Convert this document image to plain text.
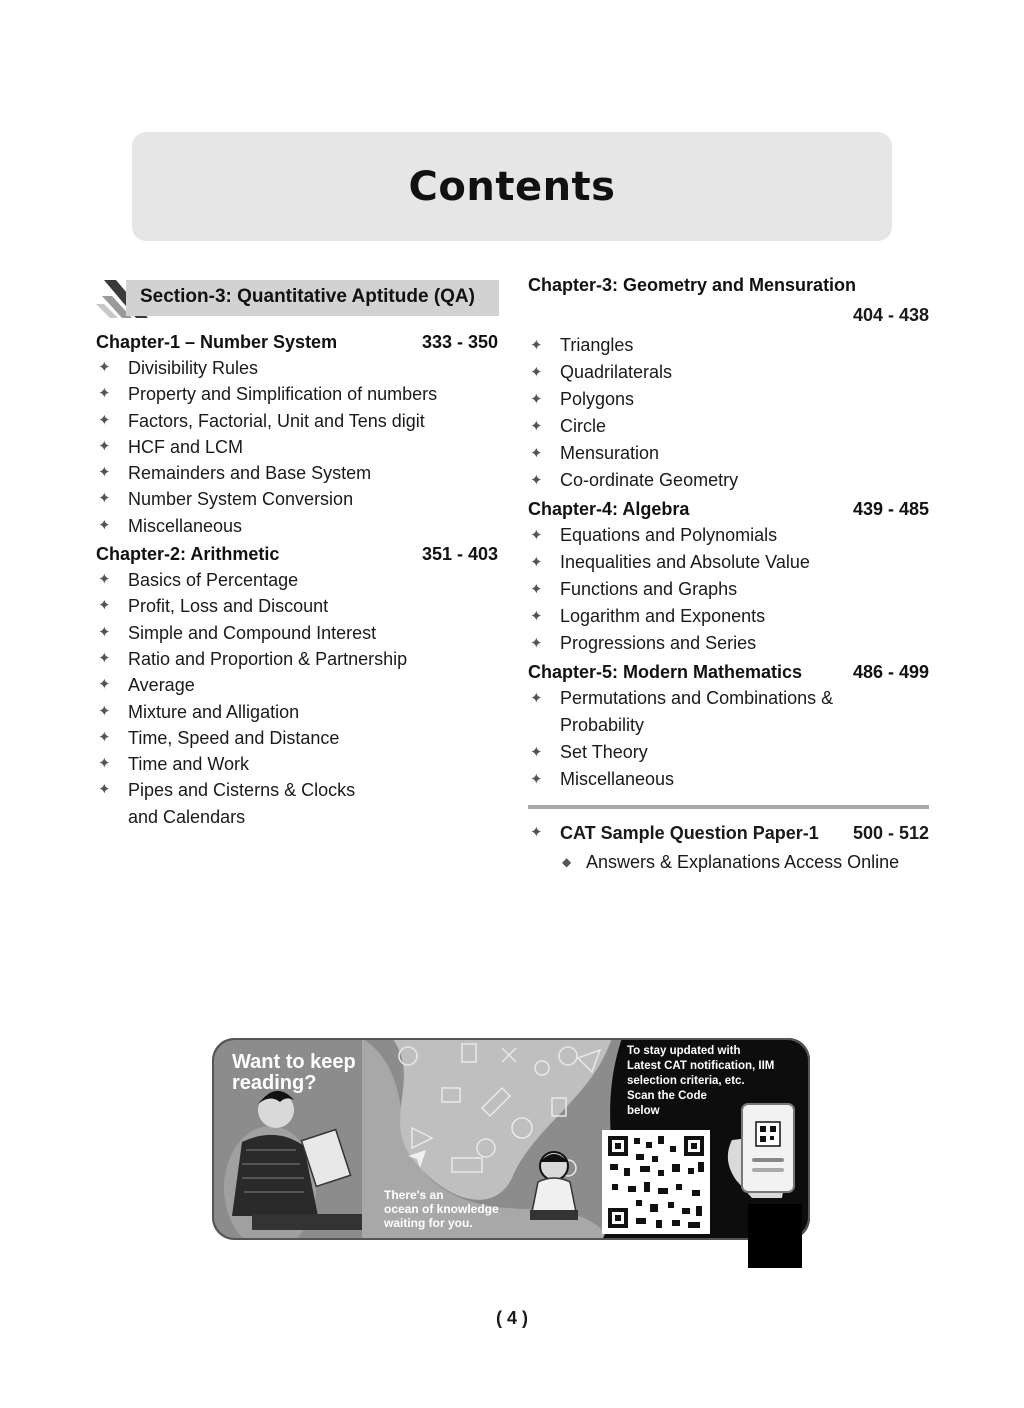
Contents
Section-3: Quantitative Aptitude (QA)
Chapter-1 – Number System	333 - 350
✦ Divisibility Rules
✦ Property and Simplification of numbers
✦ Factors, Factorial, Unit and Tens digit
✦ HCF and LCM
✦ Remainders and Base System
✦ Number System Conversion
✦ Miscellaneous
Chapter-2: Arithmetic	351 - 403
✦ Basics of Percentage
✦ Profit, Loss and Discount
✦ Simple and Compound Interest
✦ Ratio and Proportion & Partnership
✦ Average
✦ Mixture and Alligation
✦ Time, Speed and Distance
✦ Time and Work
✦ Pipes and Cisterns & Clocks
and Calendars
Chapter-3: Geometry and Mensuration
404 - 438
✦ Triangles
✦ Quadrilaterals
✦ Polygons
✦ Circle
✦ Mensuration
✦ Co-ordinate Geometry
Chapter-4: Algebra	439 - 485
✦ Equations and Polynomials
✦ Inequalities and Absolute Value
✦ Functions and Graphs
✦ Logarithm and Exponents
✦ Progressions and Series
Chapter-5: Modern Mathematics	486 - 499
✦ Permutations and Combinations &
Probability
✦ Set Theory
✦ Miscellaneous
✦ CAT Sample Question Paper-1 500 - 512
◆ Answers & Explanations Access Online
Want to keep
reading?
There's an
ocean of knowledge
waiting for you.
To stay updated with
Latest CAT notification, IIM
selection criteria, etc.
Scan the Code
below
( 4 )
